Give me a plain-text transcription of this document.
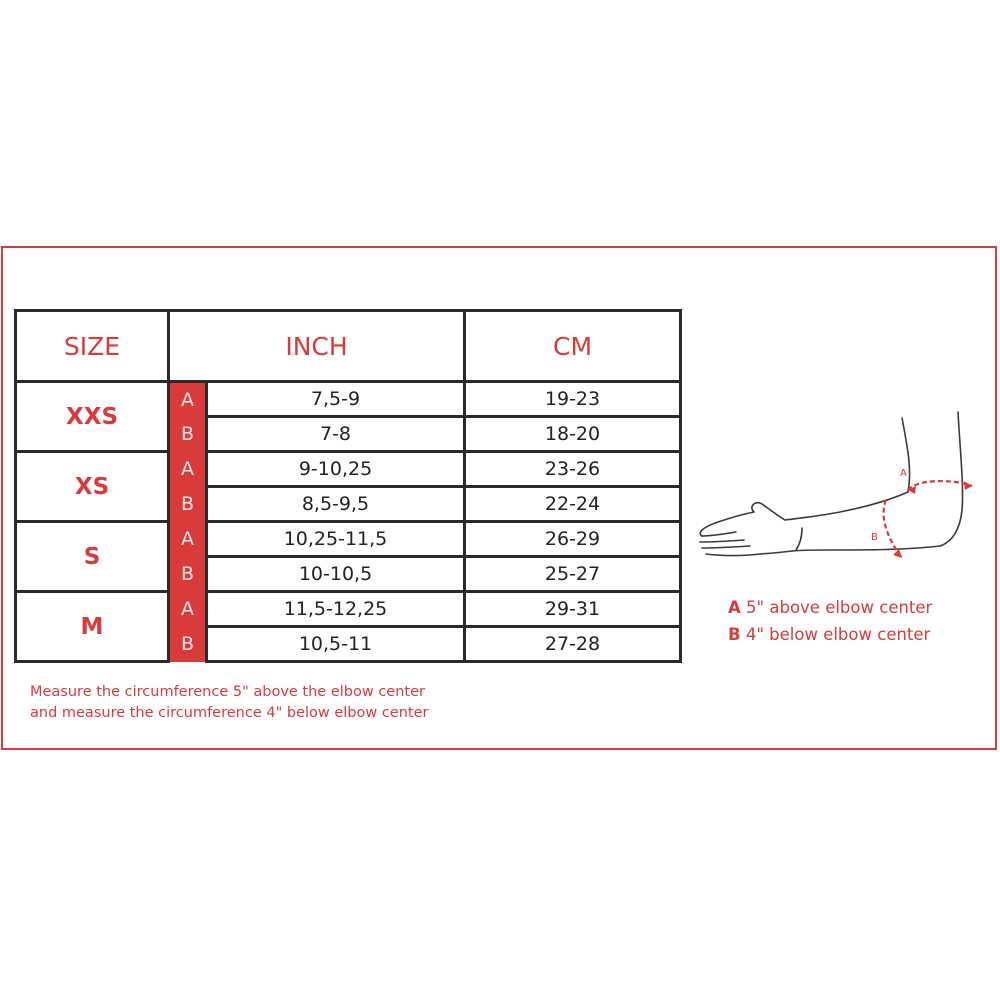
SIZE	INCH		CM
XXS	A	7,5-9	19-23
	B	7-8	18-20
XS	A	9-10,25	23-26
	B	8,5-9,5	22-24
S	A	10,25-11,5	26-29
	B	10-10,5	25-27
M	A	11,5-12,25	29-31
	B	10,5-11	27-28
Measure the circumference 5" above the elbow center
and measure the circumference 4" below elbow center
A
B
A 5" above elbow center
B 4" below elbow center
